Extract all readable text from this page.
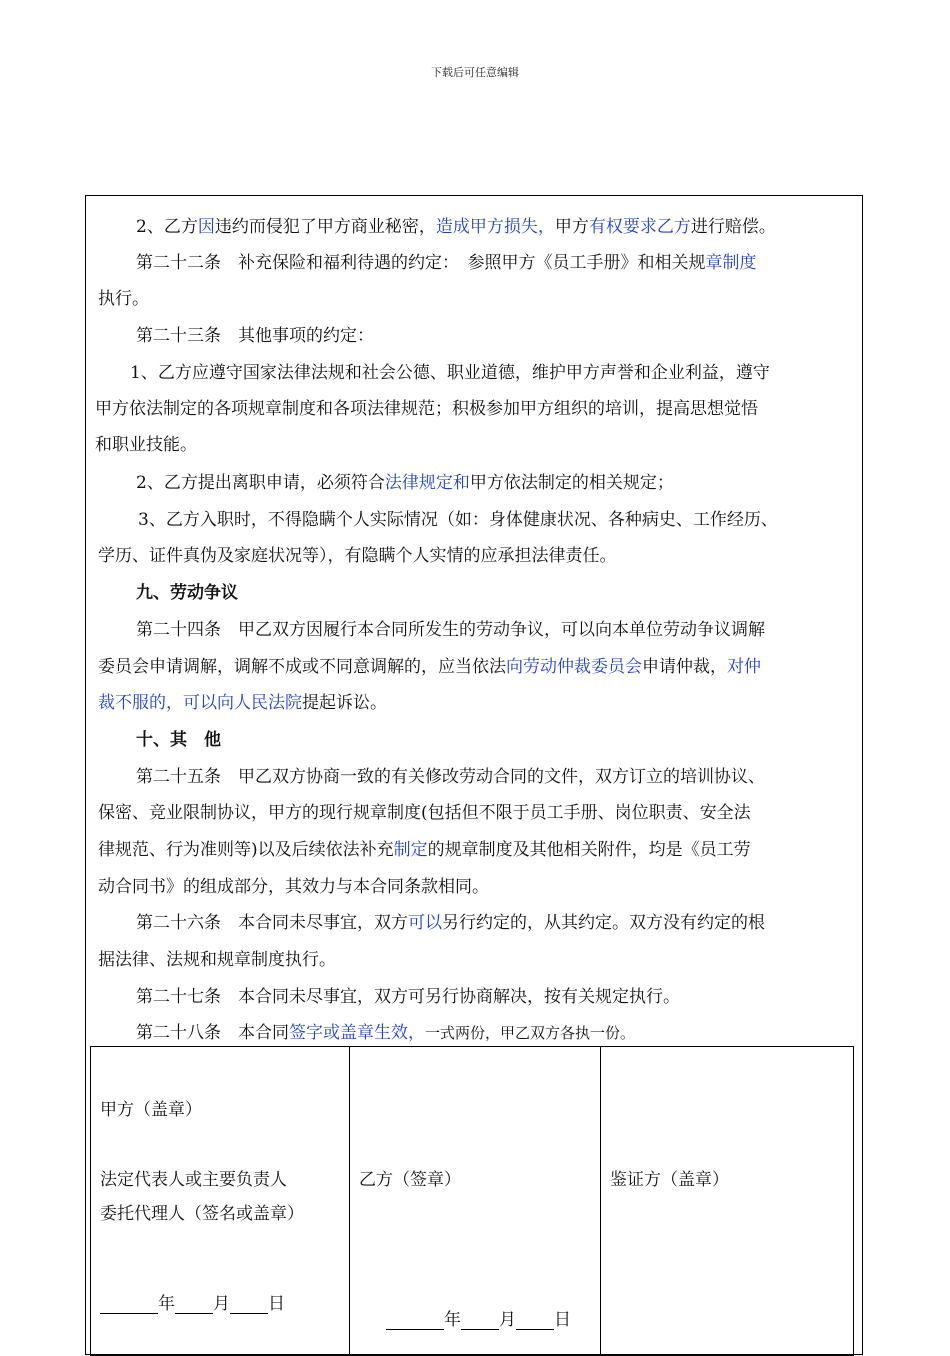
下载后可任意编辑
2、乙方因违约而侵犯了甲方商业秘密，造成甲方损失，甲方有权要求乙方进行赔偿。
第二十二条　补充保险和福利待遇的约定：　参照甲方《员工手册》和相关规章制度
执行。
第二十三条　其他事项的约定：
1、乙方应遵守国家法律法规和社会公德、职业道德，维护甲方声誉和企业利益，遵守
甲方依法制定的各项规章制度和各项法律规范；积极参加甲方组织的培训，提高思想觉悟
和职业技能。
2、乙方提出离职申请，必须符合法律规定和甲方依法制定的相关规定；
3、乙方入职时，不得隐瞒个人实际情况（如：身体健康状况、各种病史、工作经历、
学历、证件真伪及家庭状况等），有隐瞒个人实情的应承担法律责任。
九、劳动争议
第二十四条　甲乙双方因履行本合同所发生的劳动争议，可以向本单位劳动争议调解
委员会申请调解，调解不成或不同意调解的，应当依法向劳动仲裁委员会申请仲裁，对仲
裁不服的，可以向人民法院提起诉讼。
十、其　他
第二十五条　甲乙双方协商一致的有关修改劳动合同的文件，双方订立的培训协议、
保密、竞业限制协议，甲方的现行规章制度(包括但不限于员工手册、岗位职责、安全法
律规范、行为准则等)以及后续依法补充制定的规章制度及其他相关附件，均是《员工劳
动合同书》的组成部分，其效力与本合同条款相同。
第二十六条　本合同未尽事宜，双方可以另行约定的，从其约定。双方没有约定的根
据法律、法规和规章制度执行。
第二十七条　本合同未尽事宜，双方可另行协商解决，按有关规定执行。
第二十八条　本合同签字或盖章生效，一式两份，甲乙双方各执一份。
甲方（盖章）
法定代表人或主要负责人
委托代理人（签名或盖章）
年 月 日
乙方（签章）
年 月 日
鉴证方（盖章）
